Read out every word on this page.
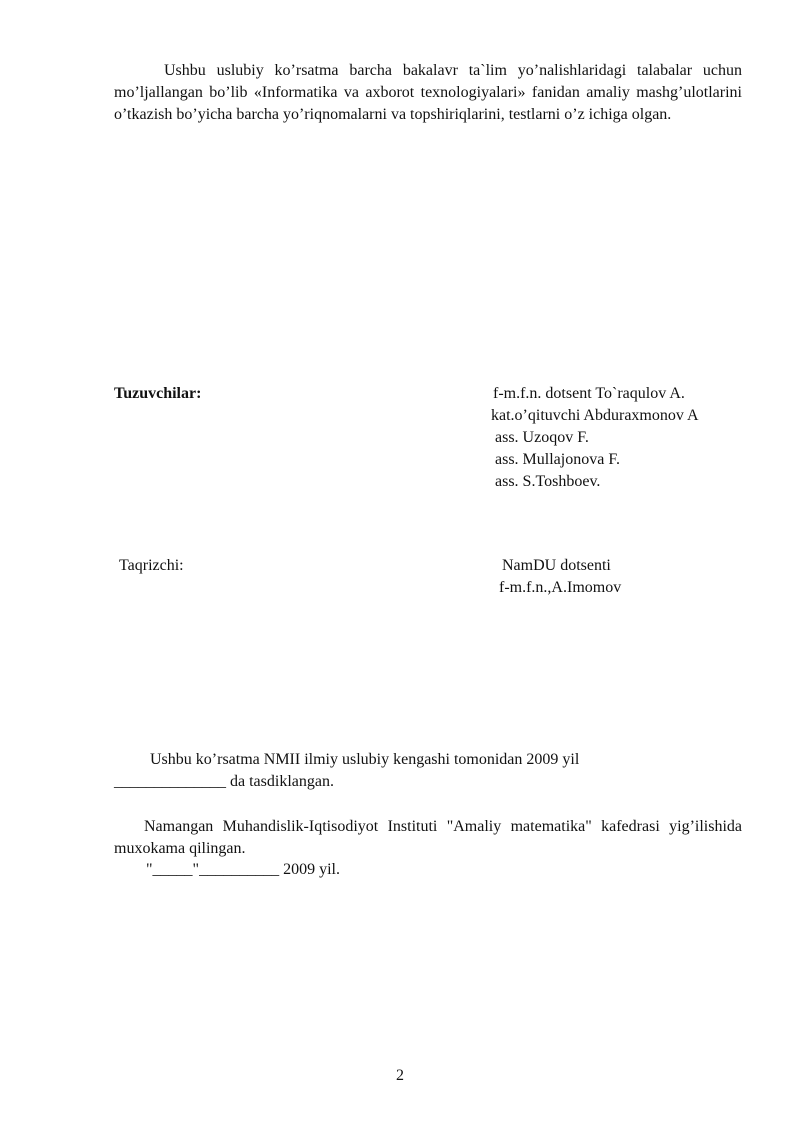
Ushbu uslubiy ko’rsatma barcha bakalavr ta`lim yo’nalishlaridagi talabalar uchun mo’ljallangan bo’lib «Informatika va axborot texnologiyalari» fanidan amaliy mashg’ulotlarini o’tkazish bo’yicha barcha yo’riqnomalarni va topshiriqlarini, testlarni o’z ichiga olgan.

Tuzuvchilar:	f-m.f.n. dotsent To`raqulov A.
kat.o’qituvchi Abduraxmonov A
ass. Uzoqov F.
ass. Mullajonova F.
ass. S.Toshboev.

Taqrizchi:	NamDU dotsenti
f-m.f.n.,A.Imomov

Ushbu ko’rsatma NMII ilmiy uslubiy kengashi tomonidan 2009 yil
______________ da tasdiklangan.

Namangan Muhandislik-Iqtisodiyot Instituti "Amaliy matematika" kafedrasi yig’ilishida muxokama qilingan.

"_____"__________ 2009 yil.

2
